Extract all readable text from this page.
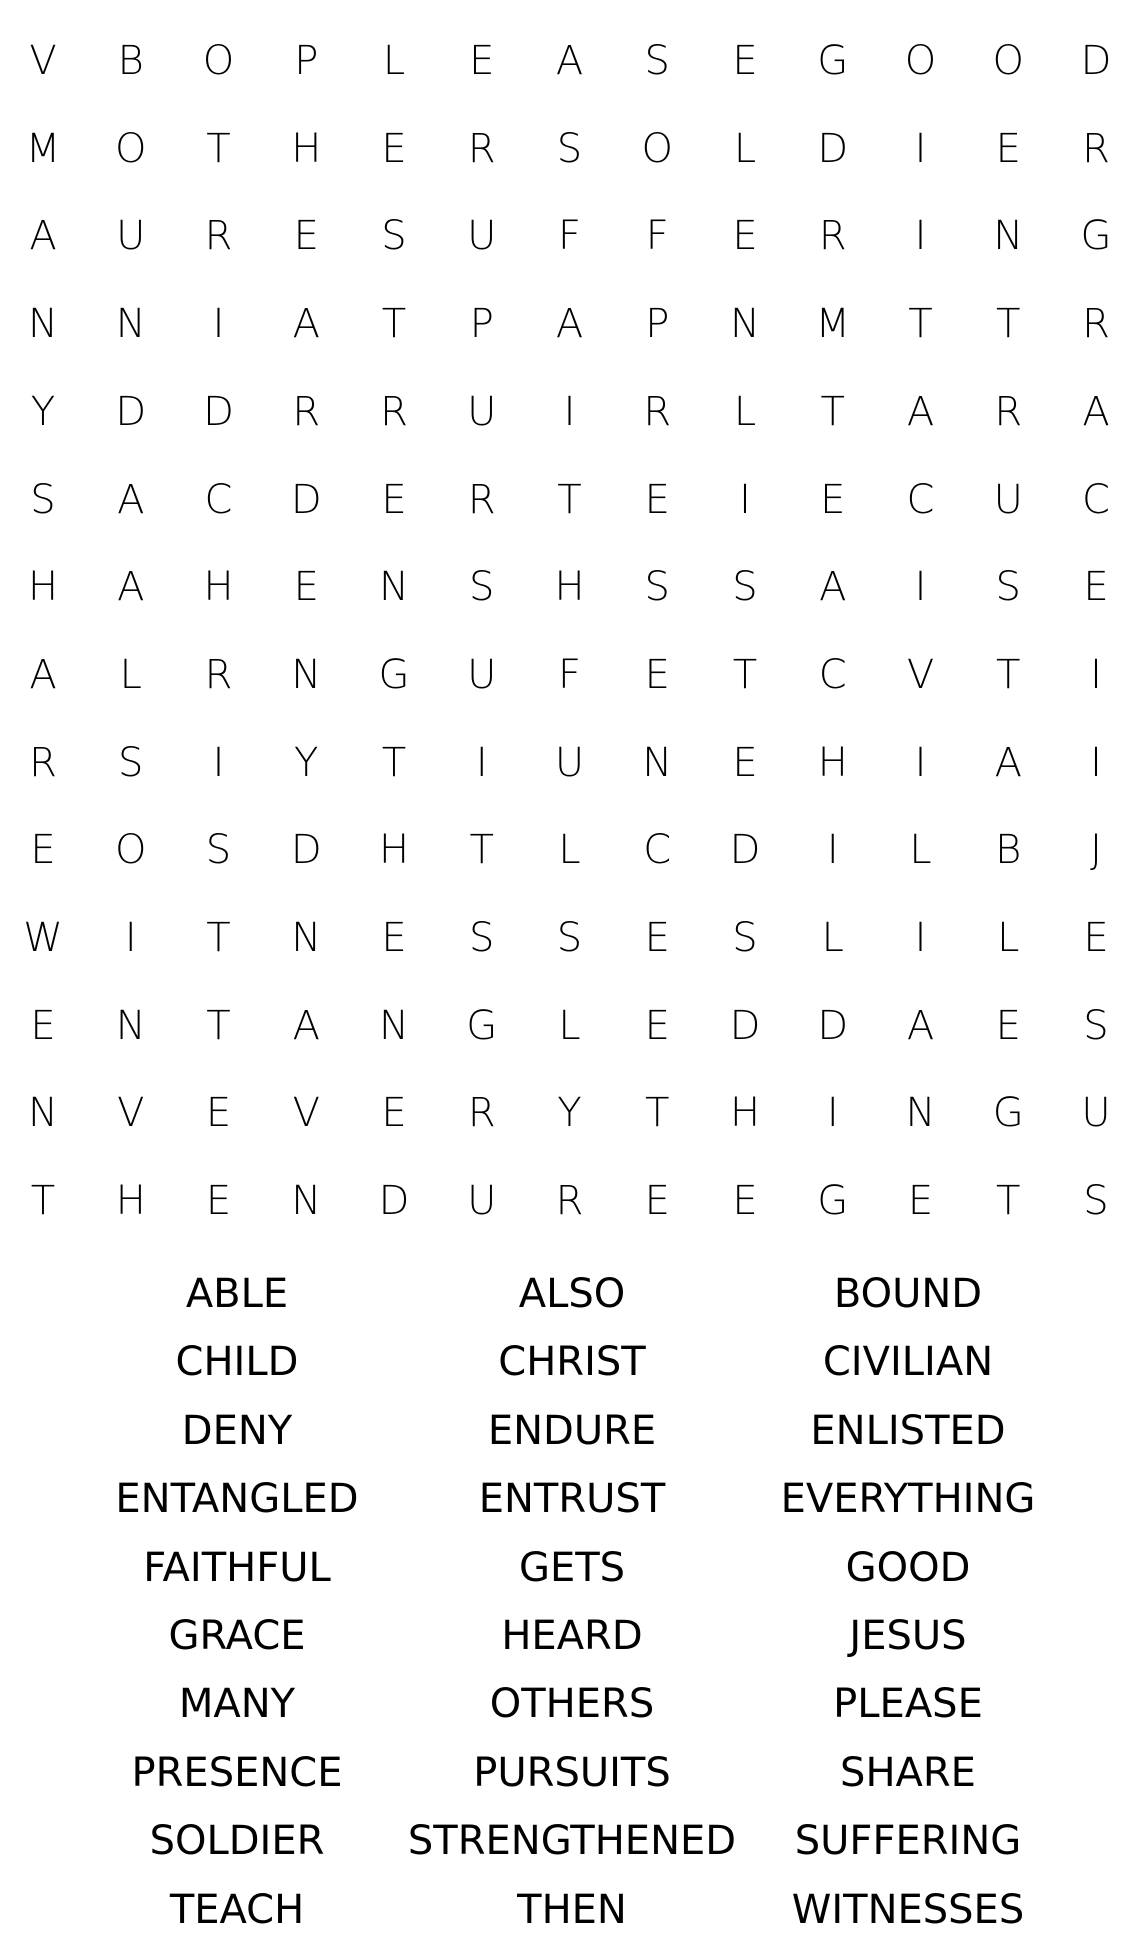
V	B	O	P	L	E	A	S	E	G	O	O	D
M	O	T	H	E	R	S	O	L	D	I	E	R
A	U	R	E	S	U	F	F	E	R	I	N	G
N	N	I	A	T	P	A	P	N	M	T	T	R
Y	D	D	R	R	U	I	R	L	T	A	R	A
S	A	C	D	E	R	T	E	I	E	C	U	C
H	A	H	E	N	S	H	S	S	A	I	S	E
A	L	R	N	G	U	F	E	T	C	V	T	I
R	S	I	Y	T	I	U	N	E	H	I	A	I
E	O	S	D	H	T	L	C	D	I	L	B	J
W	I	T	N	E	S	S	E	S	L	I	L	E
E	N	T	A	N	G	L	E	D	D	A	E	S
N	V	E	V	E	R	Y	T	H	I	N	G	U
T	H	E	N	D	U	R	E	E	G	E	T	S
ABLE	ALSO	BOUND
CHILD	CHRIST	CIVILIAN
DENY	ENDURE	ENLISTED
ENTANGLED	ENTRUST	EVERYTHING
FAITHFUL	GETS	GOOD
GRACE	HEARD	JESUS
MANY	OTHERS	PLEASE
PRESENCE	PURSUITS	SHARE
SOLDIER	STRENGTHENED	SUFFERING
TEACH	THEN	WITNESSES
